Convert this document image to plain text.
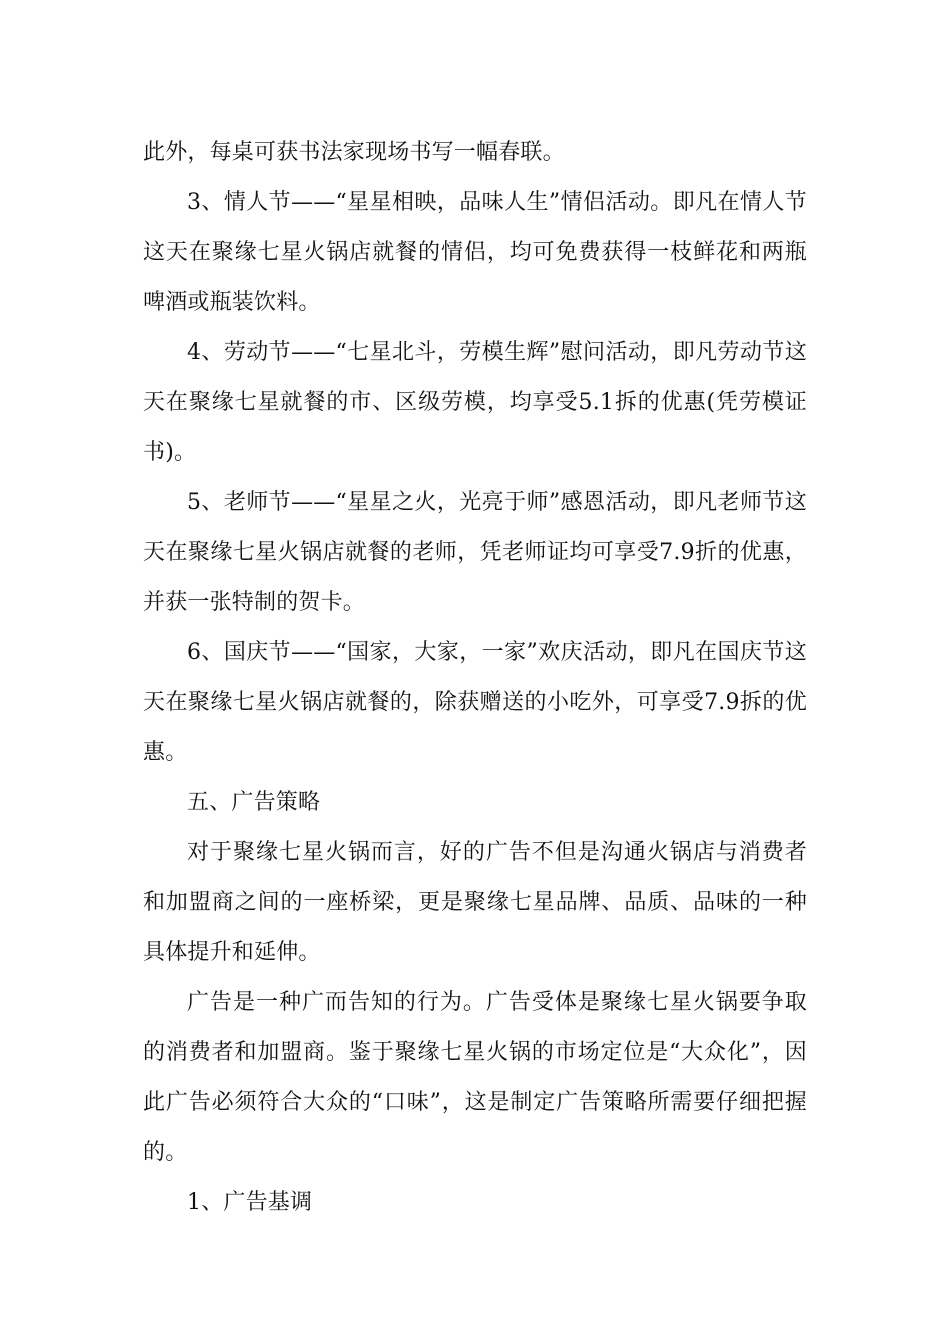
此外，每桌可获书法家现场书写一幅春联。

3、情人节——“星星相映，品味人生”情侣活动。即凡在情人节这天在聚缘七星火锅店就餐的情侣，均可免费获得一枝鲜花和两瓶啤酒或瓶装饮料。

4、劳动节——“七星北斗，劳模生辉”慰问活动，即凡劳动节这天在聚缘七星就餐的市、区级劳模，均享受5.1拆的优惠(凭劳模证书)。

5、老师节——“星星之火，光亮于师”感恩活动，即凡老师节这天在聚缘七星火锅店就餐的老师，凭老师证均可享受7.9折的优惠，并获一张特制的贺卡。

6、国庆节——“国家，大家，一家”欢庆活动，即凡在国庆节这天在聚缘七星火锅店就餐的，除获赠送的小吃外，可享受7.9拆的优惠。

五、广告策略

对于聚缘七星火锅而言，好的广告不但是沟通火锅店与消费者和加盟商之间的一座桥梁，更是聚缘七星品牌、品质、品味的一种具体提升和延伸。

广告是一种广而告知的行为。广告受体是聚缘七星火锅要争取的消费者和加盟商。鉴于聚缘七星火锅的市场定位是“大众化”，因此广告必须符合大众的“口味”，这是制定广告策略所需要仔细把握的。

1、广告基调
